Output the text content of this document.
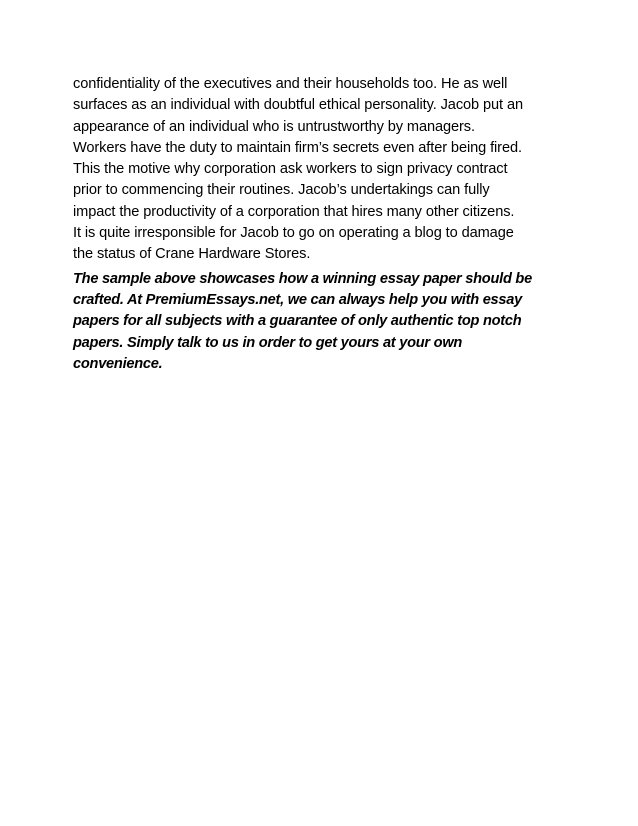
confidentiality of the executives and their households too. He as well
surfaces as an individual with doubtful ethical personality. Jacob put an
appearance of an individual who is untrustworthy by managers.
Workers have the duty to maintain firm’s secrets even after being fired.
This the motive why corporation ask workers to sign privacy contract
prior to commencing their routines. Jacob’s undertakings can fully
impact the productivity of a corporation that hires many other citizens.
It is quite irresponsible for Jacob to go on operating a blog to damage
the status of Crane Hardware Stores.
The sample above showcases how a winning essay paper should be
crafted. At PremiumEssays.net, we can always help you with essay
papers for all subjects with a guarantee of only authentic top notch
papers. Simply talk to us in order to get yours at your own
convenience.
